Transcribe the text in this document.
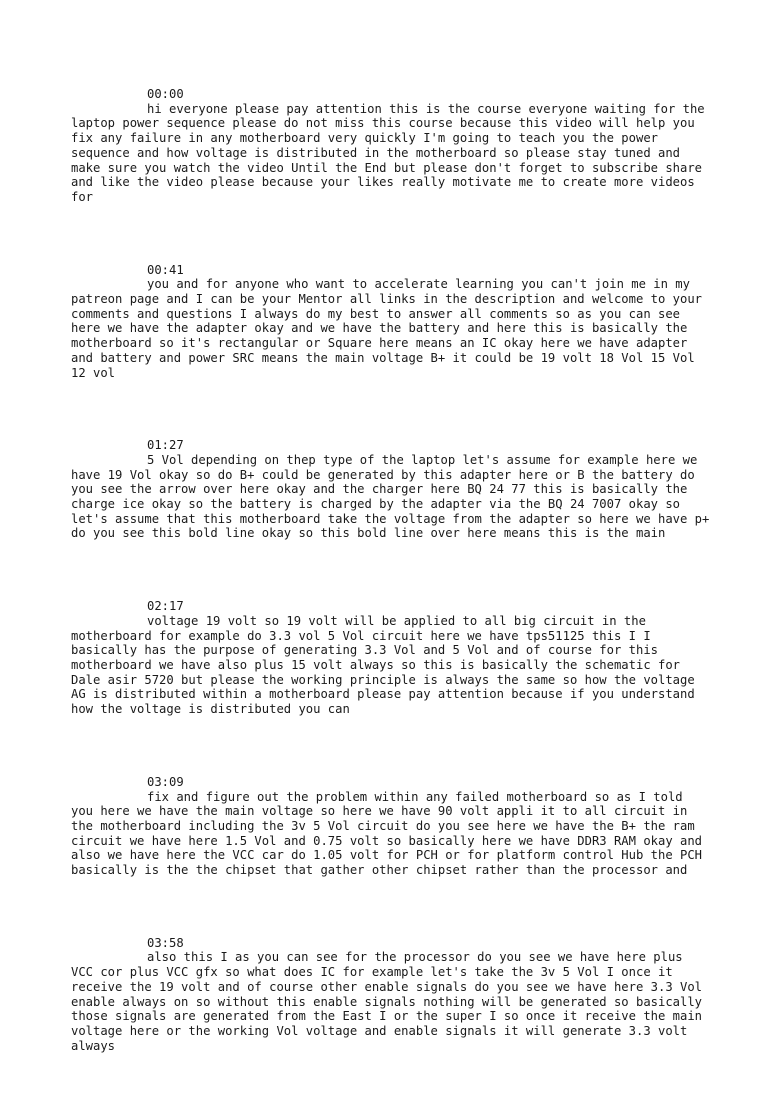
00:00
hi everyone please pay attention this is the course everyone waiting for the laptop power sequence please do not miss this course because this video will help you fix any failure in any motherboard very quickly I'm going to teach you the power sequence and how voltage is distributed in the motherboard so please stay tuned and make sure you watch the video Until the End but please don't forget to subscribe share and like the video please because your likes really motivate me to create more videos for
00:41
you and for anyone who want to accelerate learning you can't join me in my patreon page and I can be your Mentor all links in the description and welcome to your comments and questions I always do my best to answer all comments so as you can see here we have the adapter okay and we have the battery and here this is basically the motherboard so it's rectangular or Square here means an IC okay here we have adapter and battery and power SRC means the main voltage B+ it could be 19 volt 18 Vol 15 Vol 12 vol
01:27
5 Vol depending on thep type of the laptop let's assume for example here we have 19 Vol okay so do B+ could be generated by this adapter here or B the battery do you see the arrow over here okay and the charger here BQ 24 77 this is basically the charge ice okay so the battery is charged by the adapter via the BQ 24 7007 okay so let's assume that this motherboard take the voltage from the adapter so here we have p+ do you see this bold line okay so this bold line over here means this is the main
02:17
voltage 19 volt so 19 volt will be applied to all big circuit in the motherboard for example do 3.3 vol 5 Vol circuit here we have tps51125 this I I basically has the purpose of generating 3.3 Vol and 5 Vol and of course for this motherboard we have also plus 15 volt always so this is basically the schematic for Dale asir 5720 but please the working principle is always the same so how the voltage AG is distributed within a motherboard please pay attention because if you understand how the voltage is distributed you can
03:09
fix and figure out the problem within any failed motherboard so as I told you here we have the main voltage so here we have 90 volt appli it to all circuit in the motherboard including the 3v 5 Vol circuit do you see here we have the B+ the ram circuit we have here 1.5 Vol and 0.75 volt so basically here we have DDR3 RAM okay and also we have here the VCC car do 1.05 volt for PCH or for platform control Hub the PCH basically is the the chipset that gather other chipset rather than the processor and
03:58
also this I as you can see for the processor do you see we have here plus VCC cor plus VCC gfx so what does IC for example let's take the 3v 5 Vol I once it receive the 19 volt and of course other enable signals do you see we have here 3.3 Vol enable always on so without this enable signals nothing will be generated so basically those signals are generated from the East I or the super I so once it receive the main voltage here or the working Vol voltage and enable signals it will generate 3.3 volt always
